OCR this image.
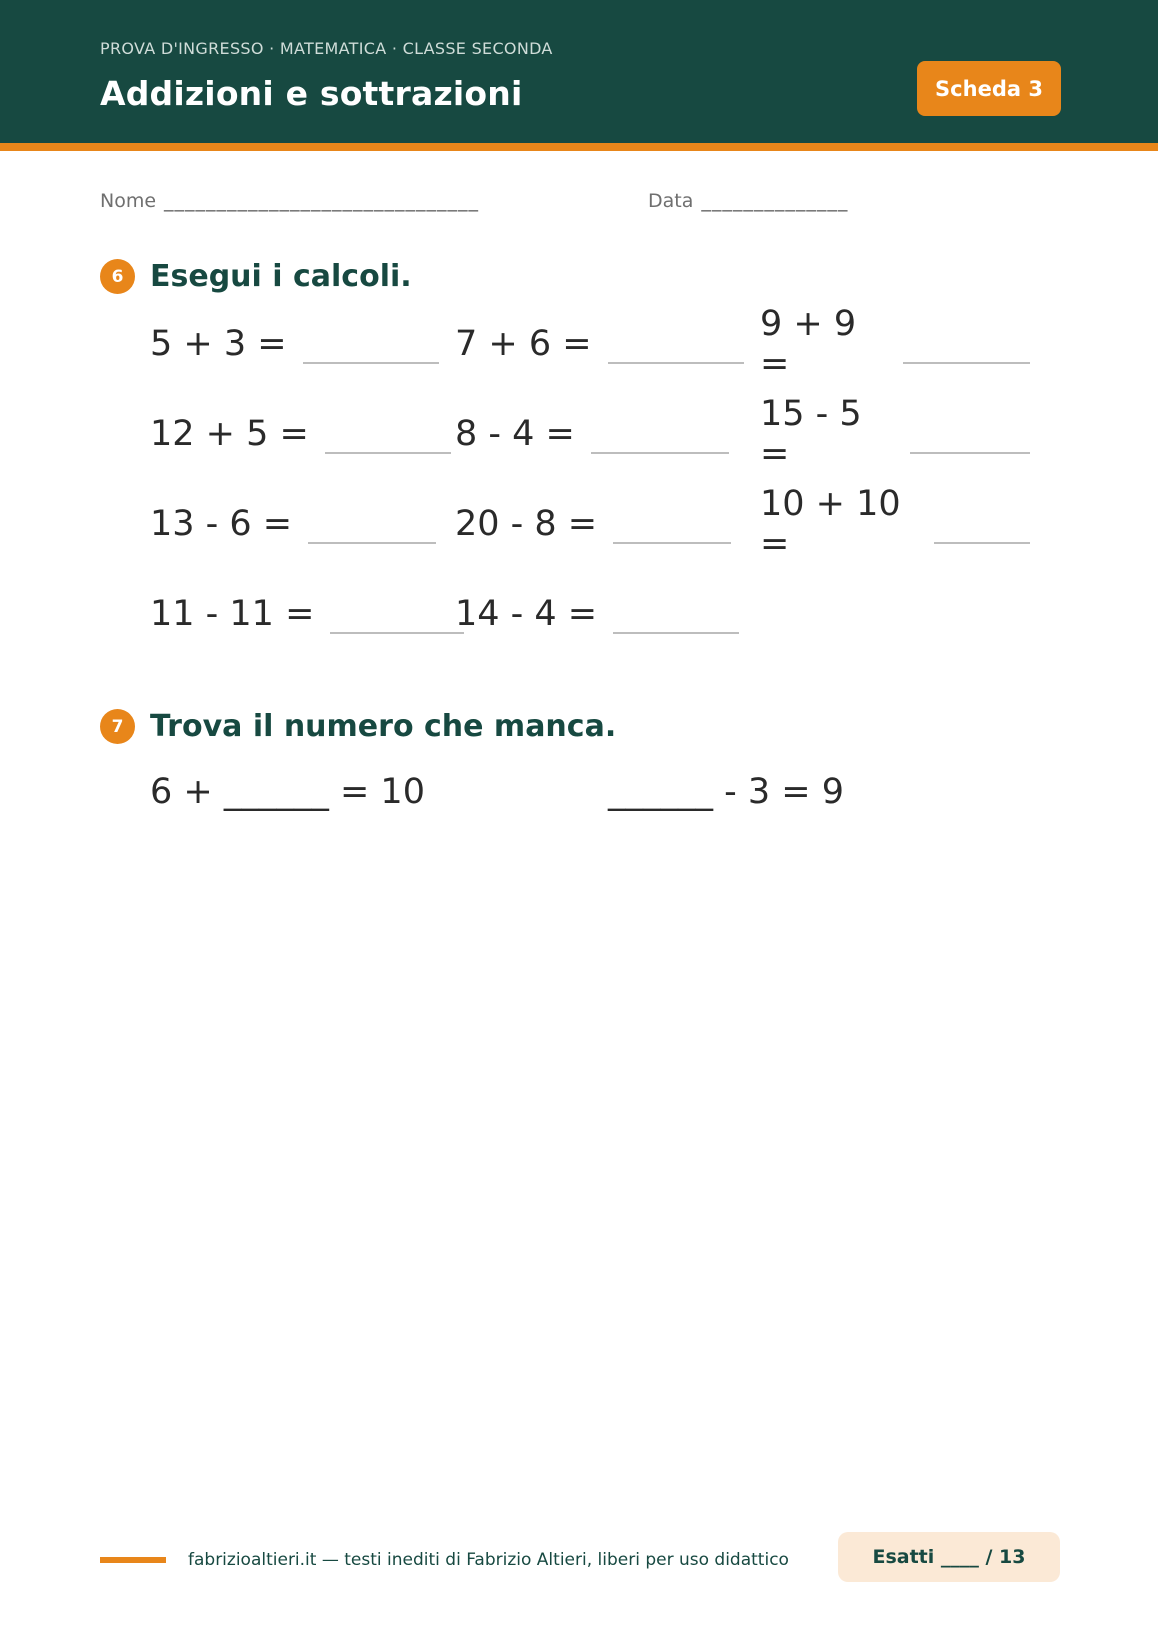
PROVA D'INGRESSO · MATEMATICA · CLASSE SECONDA
Addizioni e sottrazioni	Scheda 3
Nome ______________________________	Data ______________
6 Esegui i calcoli.
5 + 3 =	7 + 6 =	9 + 9 =
12 + 5 =	8 - 4 =	15 - 5 =
13 - 6 =	20 - 8 =	10 + 10 =
11 - 11 =	14 - 4 =
7 Trova il numero che manca.
6 + ______ = 10	______ - 3 = 9
fabrizioaltieri.it — testi inediti di Fabrizio Altieri, liberi per uso didattico	Esatti ____ / 13
